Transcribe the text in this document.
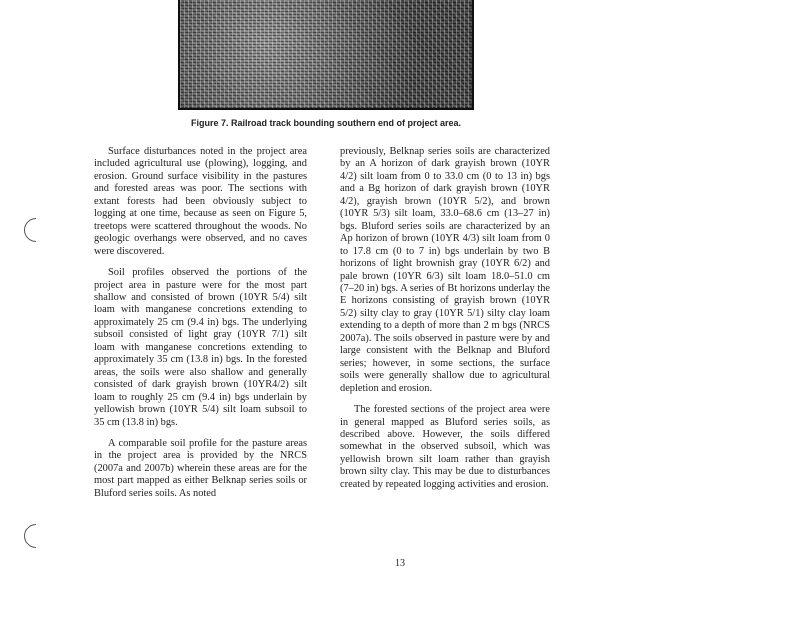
Figure 7. Railroad track bounding southern end of project area.

Surface disturbances noted in the project area included agricultural use (plowing), logging, and erosion. Ground surface visibility in the pastures and forested areas was poor. The sections with extant forests had been obviously subject to logging at one time, because as seen on Figure 5, treetops were scattered throughout the woods. No geologic overhangs were observed, and no caves were discovered.

Soil profiles observed the portions of the project area in pasture were for the most part shallow and consisted of brown (10YR 5/4) silt loam with manganese concretions extending to approximately 25 cm (9.4 in) bgs. The underlying subsoil consisted of light gray (10YR 7/1) silt loam with manganese concretions extending to approximately 35 cm (13.8 in) bgs. In the forested areas, the soils were also shallow and generally consisted of dark grayish brown (10YR4/2) silt loam to roughly 25 cm (9.4 in) bgs underlain by yellowish brown (10YR 5/4) silt loam subsoil to 35 cm (13.8 in) bgs.

A comparable soil profile for the pasture areas in the project area is provided by the NRCS (2007a and 2007b) wherein these areas are for the most part mapped as either Belknap series soils or Bluford series soils. As noted

previously, Belknap series soils are characterized by an A horizon of dark grayish brown (10YR 4/2) silt loam from 0 to 33.0 cm (0 to 13 in) bgs and a Bg horizon of dark grayish brown (10YR 4/2), grayish brown (10YR 5/2), and brown (10YR 5/3) silt loam, 33.0–68.6 cm (13–27 in) bgs. Bluford series soils are characterized by an Ap horizon of brown (10YR 4/3) silt loam from 0 to 17.8 cm (0 to 7 in) bgs underlain by two B horizons of light brownish gray (10YR 6/2) and pale brown (10YR 6/3) silt loam 18.0–51.0 cm (7–20 in) bgs. A series of Bt horizons underlay the E horizons consisting of grayish brown (10YR 5/2) silty clay to gray (10YR 5/1) silty clay loam extending to a depth of more than 2 m bgs (NRCS 2007a). The soils observed in pasture were by and large consistent with the Belknap and Bluford series; however, in some sections, the surface soils were generally shallow due to agricultural depletion and erosion.

The forested sections of the project area were in general mapped as Bluford series soils, as described above. However, the soils differed somewhat in the observed subsoil, which was yellowish brown silt loam rather than grayish brown silty clay. This may be due to disturbances created by repeated logging activities and erosion.

13
